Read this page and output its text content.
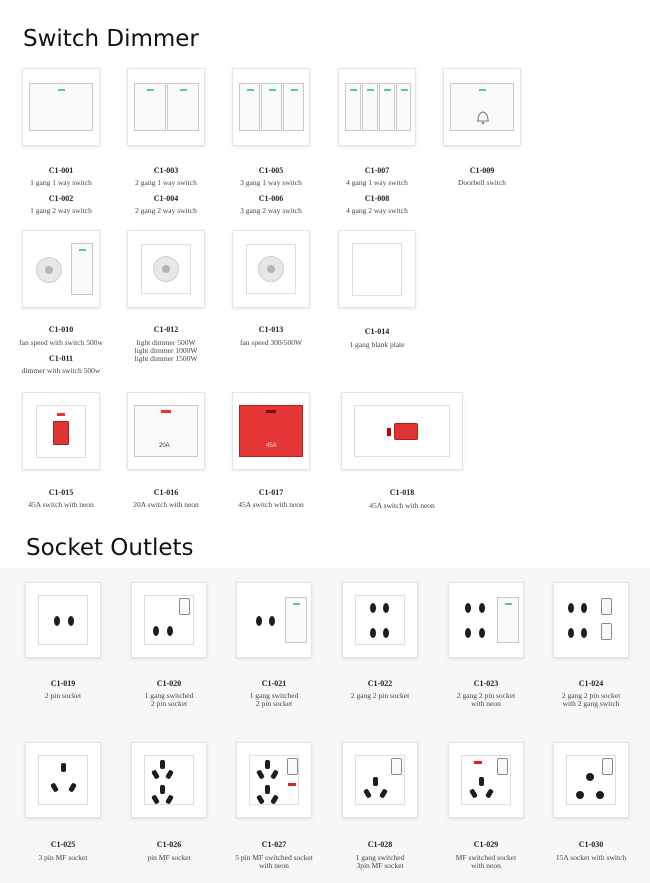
Switch Dimmer
Socket Outlets
C1-001
1 gang 1 way switch
C1-002
1 gang 2 way switch
C1-003
2 gang 1 way switch
C1-004
2 gang 2 way switch
C1-005
3 gang 1 way switch
C1-006
3 gang 2 way switch
C1-007
4 gang 1 way switch
C1-008
4 gang 2 way switch
C1-009
Doorbell switch
C1-010
fan speed with switch 500w
C1-011
dimmer with switch 500w
C1-012
light dimmer 500W
light dimmer 1000W
light dimmer 1500W
C1-013
fan speed 300/500W
C1-014
1 gang blank plate
20A	45A
C1-015
45A switch with neon
C1-016
20A switch with neon
C1-017
45A switch with neon
C1-018
45A switch with neon
C1-019
2 pin socket
C1-020
1 gang switched
2 pin socket
C1-021
1 gang switched
2 pin socket
C1-022
2 gang 2 pin socket
C1-023
2 gang 2 pin socket
with neon
C1-024
2 gang 2 pin socket
with 2 gang switch
C1-025
3 pin MF socket
C1-026
pin MF socket
C1-027
5 pin MF switched socket
with neon
C1-028
1 gang switched
3pin MF socket
C1-029
MF switched socket
with neon
C1-030
15A socket with switch
